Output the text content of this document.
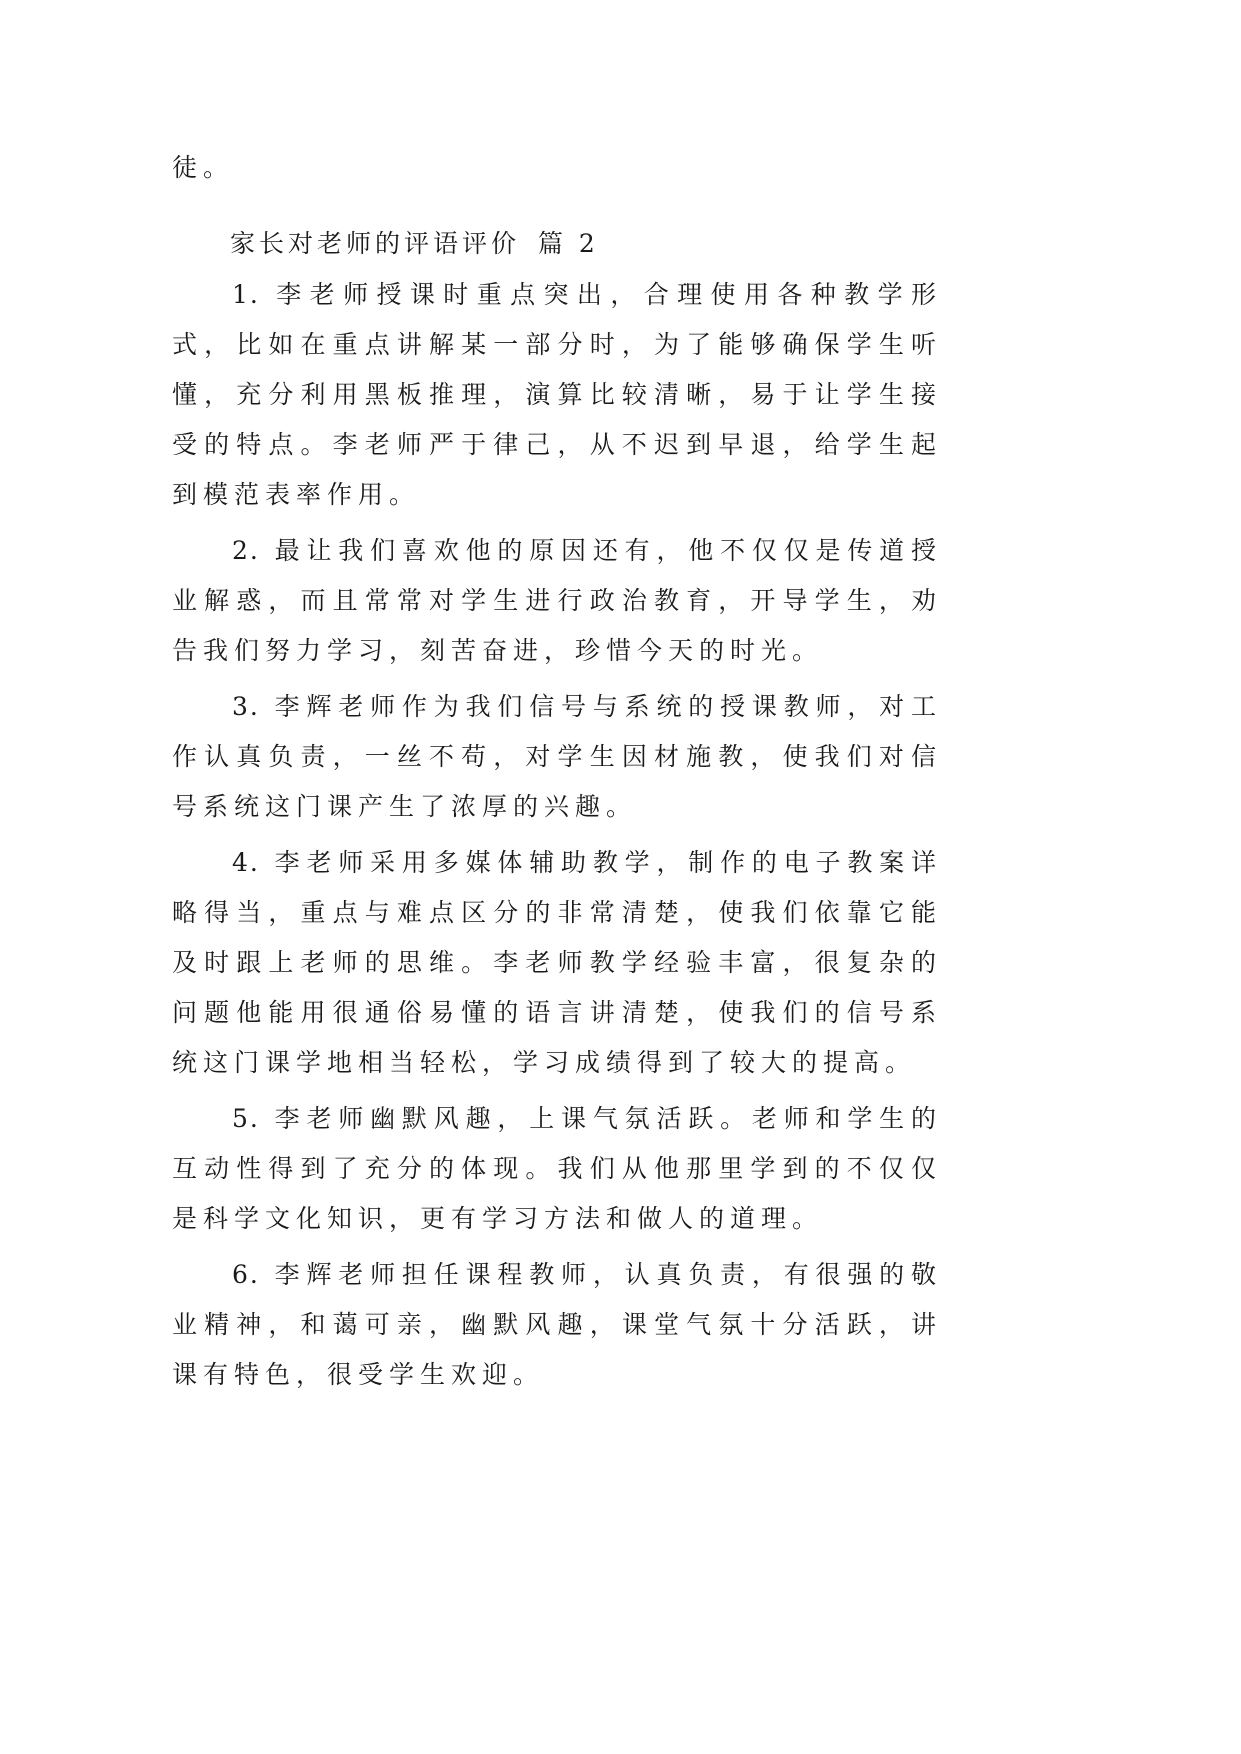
徒。

家长对老师的评语评价 篇 2

1. 李老师授课时重点突出，合理使用各种教学形式，比如在重点讲解某一部分时，为了能够确保学生听懂，充分利用黑板推理，演算比较清晰，易于让学生接受的特点。李老师严于律己，从不迟到早退，给学生起到模范表率作用。

2. 最让我们喜欢他的原因还有，他不仅仅是传道授业解惑，而且常常对学生进行政治教育，开导学生，劝告我们努力学习，刻苦奋进，珍惜今天的时光。

3. 李辉老师作为我们信号与系统的授课教师，对工作认真负责，一丝不苟，对学生因材施教，使我们对信号系统这门课产生了浓厚的兴趣。

4. 李老师采用多媒体辅助教学，制作的电子教案详略得当，重点与难点区分的非常清楚，使我们依靠它能及时跟上老师的思维。李老师教学经验丰富，很复杂的问题他能用很通俗易懂的语言讲清楚，使我们的信号系统这门课学地相当轻松，学习成绩得到了较大的提高。

5. 李老师幽默风趣，上课气氛活跃。老师和学生的互动性得到了充分的体现。我们从他那里学到的不仅仅是科学文化知识，更有学习方法和做人的道理。

6. 李辉老师担任课程教师，认真负责，有很强的敬业精神，和蔼可亲，幽默风趣，课堂气氛十分活跃，讲课有特色，很受学生欢迎。
